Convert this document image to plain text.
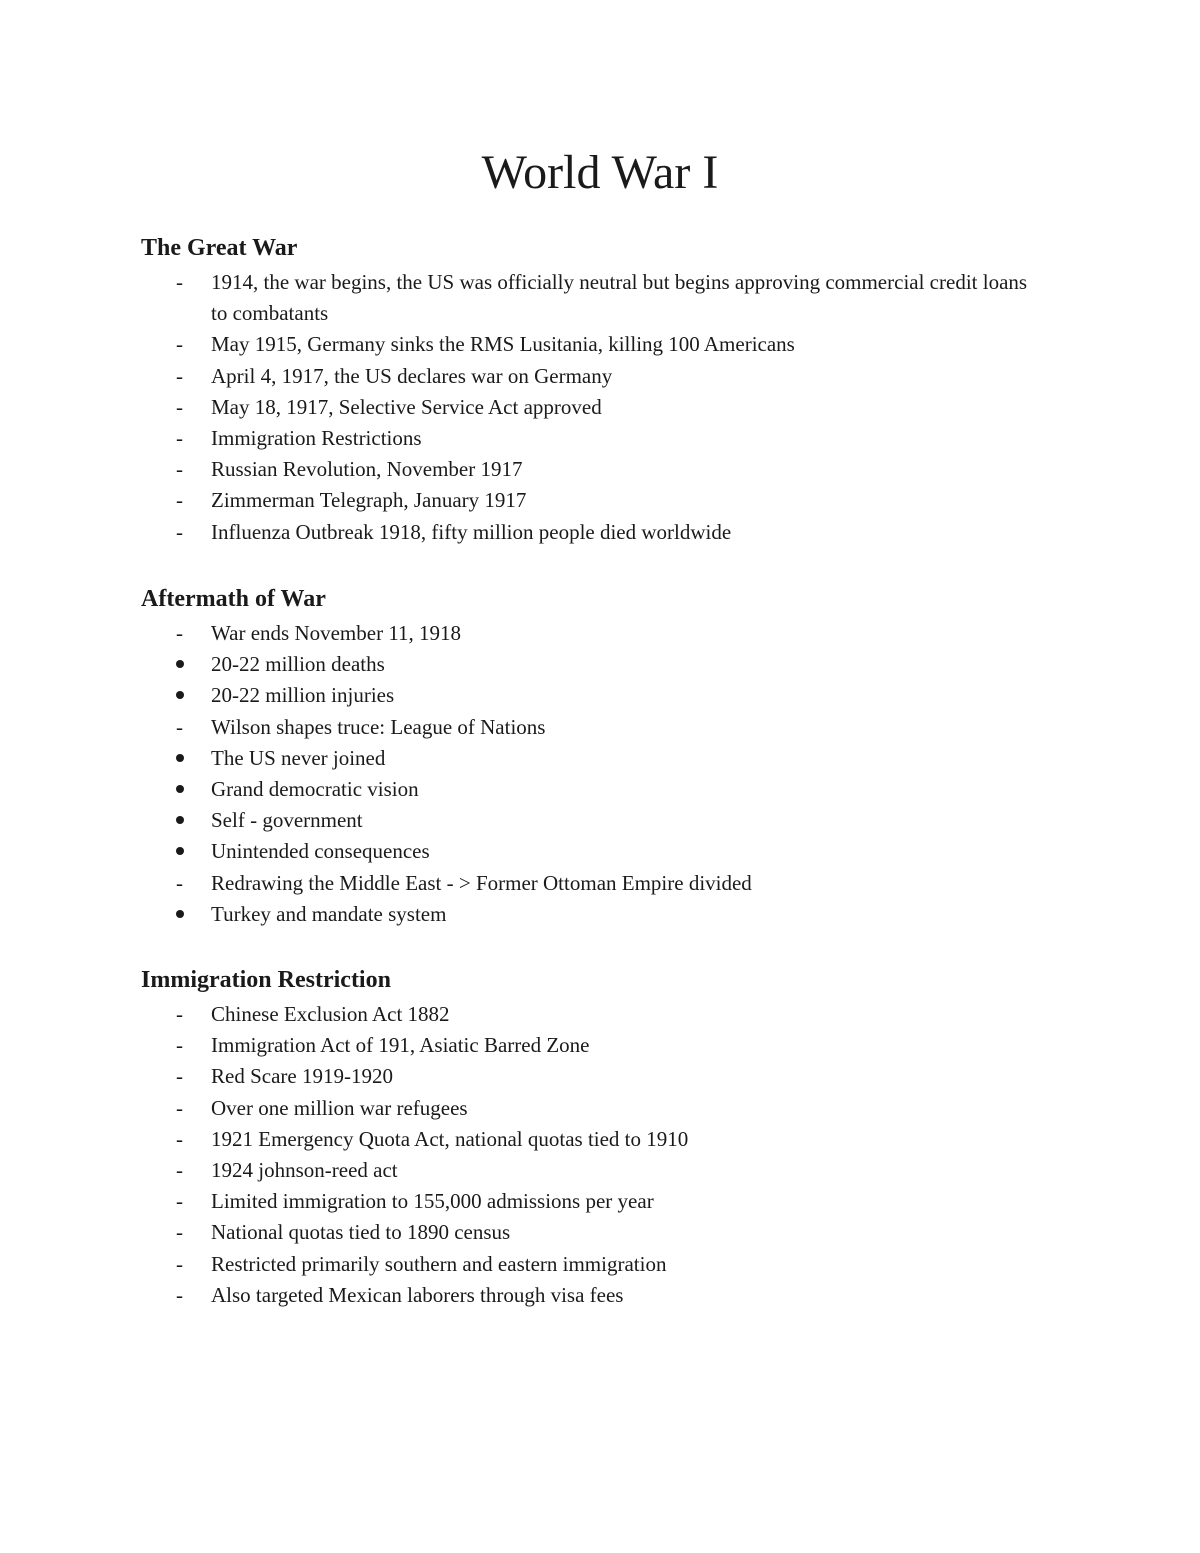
World War I
The Great War
-
1914, the war begins, the US was officially neutral but begins approving commercial credit loans to combatants
-
May 1915, Germany sinks the RMS Lusitania, killing 100 Americans
-
April 4, 1917, the US declares war on Germany
-
May 18, 1917, Selective Service Act approved
-
Immigration Restrictions
-
Russian Revolution, November 1917
-
Zimmerman Telegraph, January 1917
-
Influenza Outbreak 1918, fifty million people died worldwide
Aftermath of War
-
War ends November 11, 1918
20-22 million deaths
20-22 million injuries
-
Wilson shapes truce: League of Nations
The US never joined
Grand democratic vision
Self - government
Unintended consequences
-
Redrawing the Middle East - > Former Ottoman Empire divided
Turkey and mandate system
Immigration Restriction
-
Chinese Exclusion Act 1882
-
Immigration Act of 191, Asiatic Barred Zone
-
Red Scare 1919-1920
-
Over one million war refugees
-
1921 Emergency Quota Act, national quotas tied to 1910
-
1924 johnson-reed act
-
Limited immigration to 155,000 admissions per year
-
National quotas tied to 1890 census
-
Restricted primarily southern and eastern immigration
-
Also targeted Mexican laborers through visa fees
